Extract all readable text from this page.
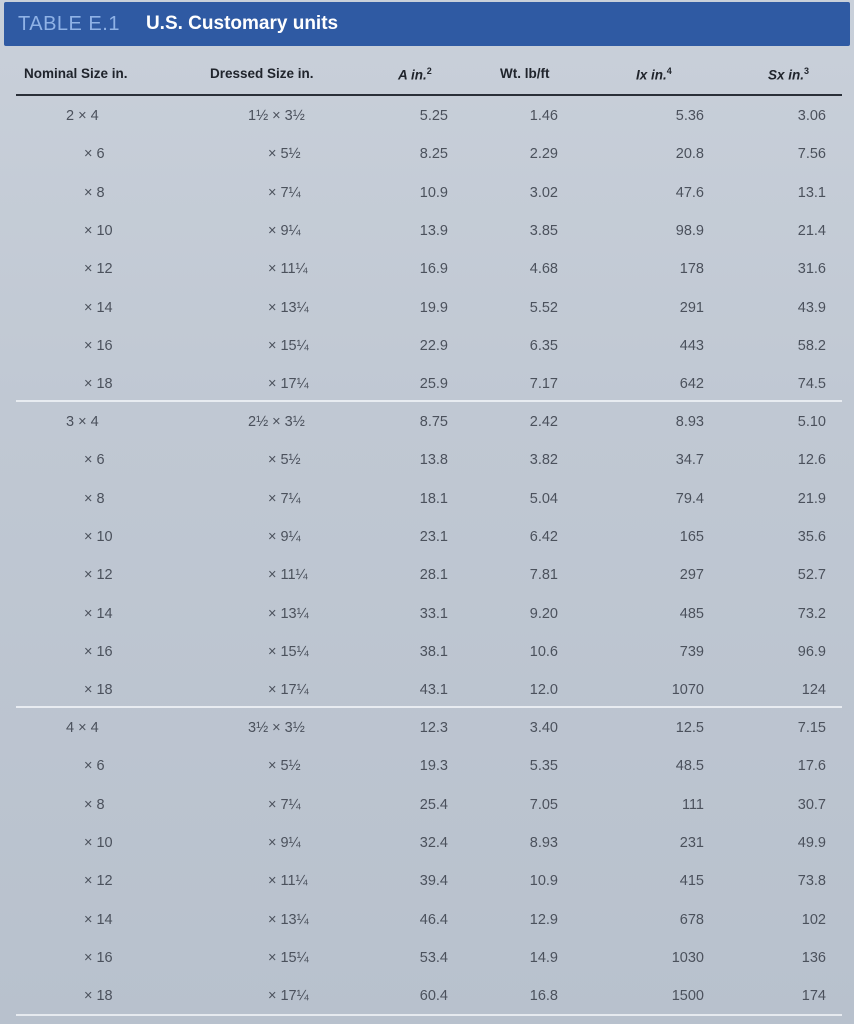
TABLE E.1 U.S. Customary units
Nominal Size in.	Dressed Size in.	A in.$^2$	Wt. lb/ft	Ix in.$^4$	Sx in.$^3$
2 × 4	1½ × 3½	5.25	1.46	5.36	3.06
× 6	× 5½	8.25	2.29	20.8	7.56
× 8	× 7¼	10.9	3.02	47.6	13.1
× 10	× 9¼	13.9	3.85	98.9	21.4
× 12	× 11¼	16.9	4.68	178	31.6
× 14	× 13¼	19.9	5.52	291	43.9
× 16	× 15¼	22.9	6.35	443	58.2
× 18	× 17¼	25.9	7.17	642	74.5
3 × 4	2½ × 3½	8.75	2.42	8.93	5.10
× 6	× 5½	13.8	3.82	34.7	12.6
× 8	× 7¼	18.1	5.04	79.4	21.9
× 10	× 9¼	23.1	6.42	165	35.6
× 12	× 11¼	28.1	7.81	297	52.7
× 14	× 13¼	33.1	9.20	485	73.2
× 16	× 15¼	38.1	10.6	739	96.9
× 18	× 17¼	43.1	12.0	1070	124
4 × 4	3½ × 3½	12.3	3.40	12.5	7.15
× 6	× 5½	19.3	5.35	48.5	17.6
× 8	× 7¼	25.4	7.05	111	30.7
× 10	× 9¼	32.4	8.93	231	49.9
× 12	× 11¼	39.4	10.9	415	73.8
× 14	× 13¼	46.4	12.9	678	102
× 16	× 15¼	53.4	14.9	1030	136
× 18	× 17¼	60.4	16.8	1500	174
